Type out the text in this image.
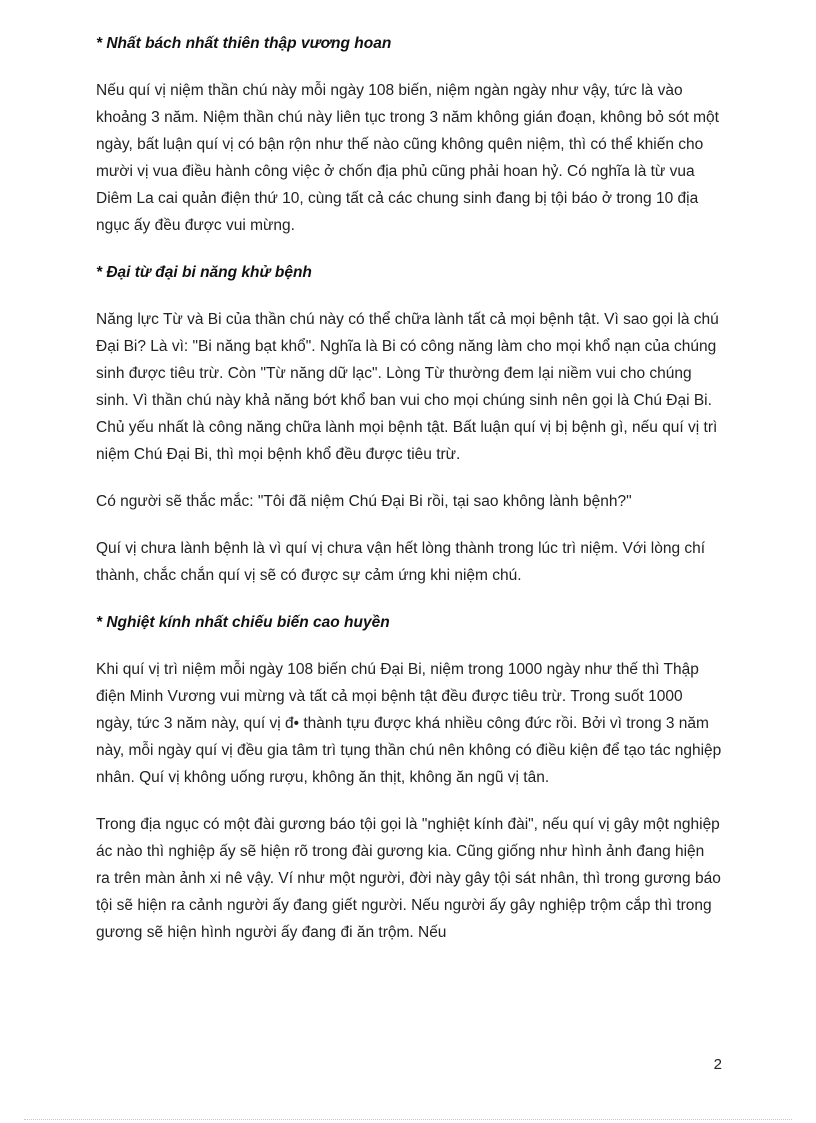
* Nhất bách nhất thiên thập vương hoan

Nếu quí vị niệm thần chú này mỗi ngày 108 biến, niệm ngàn ngày như vậy, tức là vào khoảng 3 năm. Niệm thần chú này liên tục trong 3 năm không gián đoạn, không bỏ sót một ngày, bất luận quí vị có bận rộn như thế nào cũng không quên niệm, thì có thể khiến cho mười vị vua điều hành công việc ở chốn địa phủ cũng phải hoan hỷ. Có nghĩa là từ vua Diêm La cai quản điện thứ 10, cùng tất cả các chung sinh đang bị tội báo ở trong 10 địa ngục ấy đều được vui mừng.

* Đại từ đại bi năng khử bệnh

Năng lực Từ và Bi của thần chú này có thể chữa lành tất cả mọi bệnh tật. Vì sao gọi là chú Đại Bi? Là vì: "Bi năng bạt khổ". Nghĩa là Bi có công năng làm cho mọi khổ nạn của chúng sinh được tiêu trừ. Còn "Từ năng dữ lạc". Lòng Từ thường đem lại niềm vui cho chúng sinh. Vì thần chú này khả năng bớt khổ ban vui cho mọi chúng sinh nên gọi là Chú Đại Bi. Chủ yếu nhất là công năng chữa lành mọi bệnh tật. Bất luận quí vị bị bệnh gì, nếu quí vị trì niệm Chú Đại Bi, thì mọi bệnh khổ đều được tiêu trừ.

Có người sẽ thắc mắc: "Tôi đã niệm Chú Đại Bi rồi, tại sao không lành bệnh?"

Quí vị chưa lành bệnh là vì quí vị chưa vận hết lòng thành trong lúc trì niệm. Với lòng chí thành, chắc chắn quí vị sẽ có được sự cảm ứng khi niệm chú.

* Nghiệt kính nhất chiếu biến cao huyền

Khi quí vị trì niệm mỗi ngày 108 biến chú Đại Bi, niệm trong 1000 ngày như thế thì Thập điện Minh Vương vui mừng và tất cả mọi bệnh tật đều được tiêu trừ. Trong suốt 1000 ngày, tức 3 năm này, quí vị đ• thành tựu được khá nhiều công đức rồi. Bởi vì trong 3 năm này, mỗi ngày quí vị đều gia tâm trì tụng thần chú nên không có điều kiện để tạo tác nghiệp nhân. Quí vị không uống rượu, không ăn thịt, không ăn ngũ vị tân.

Trong địa ngục có một đài gương báo tội gọi là "nghiệt kính đài", nếu quí vị gây một nghiệp ác nào thì nghiệp ấy sẽ hiện rõ trong đài gương kia. Cũng giống như hình ảnh đang hiện ra trên màn ảnh xi nê vậy. Ví như một người, đời này gây tội sát nhân, thì trong gương báo tội sẽ hiện ra cảnh người ấy đang giết người. Nếu người ấy gây nghiệp trộm cắp thì trong gương sẽ hiện hình người ấy đang đi ăn trộm. Nếu

2
